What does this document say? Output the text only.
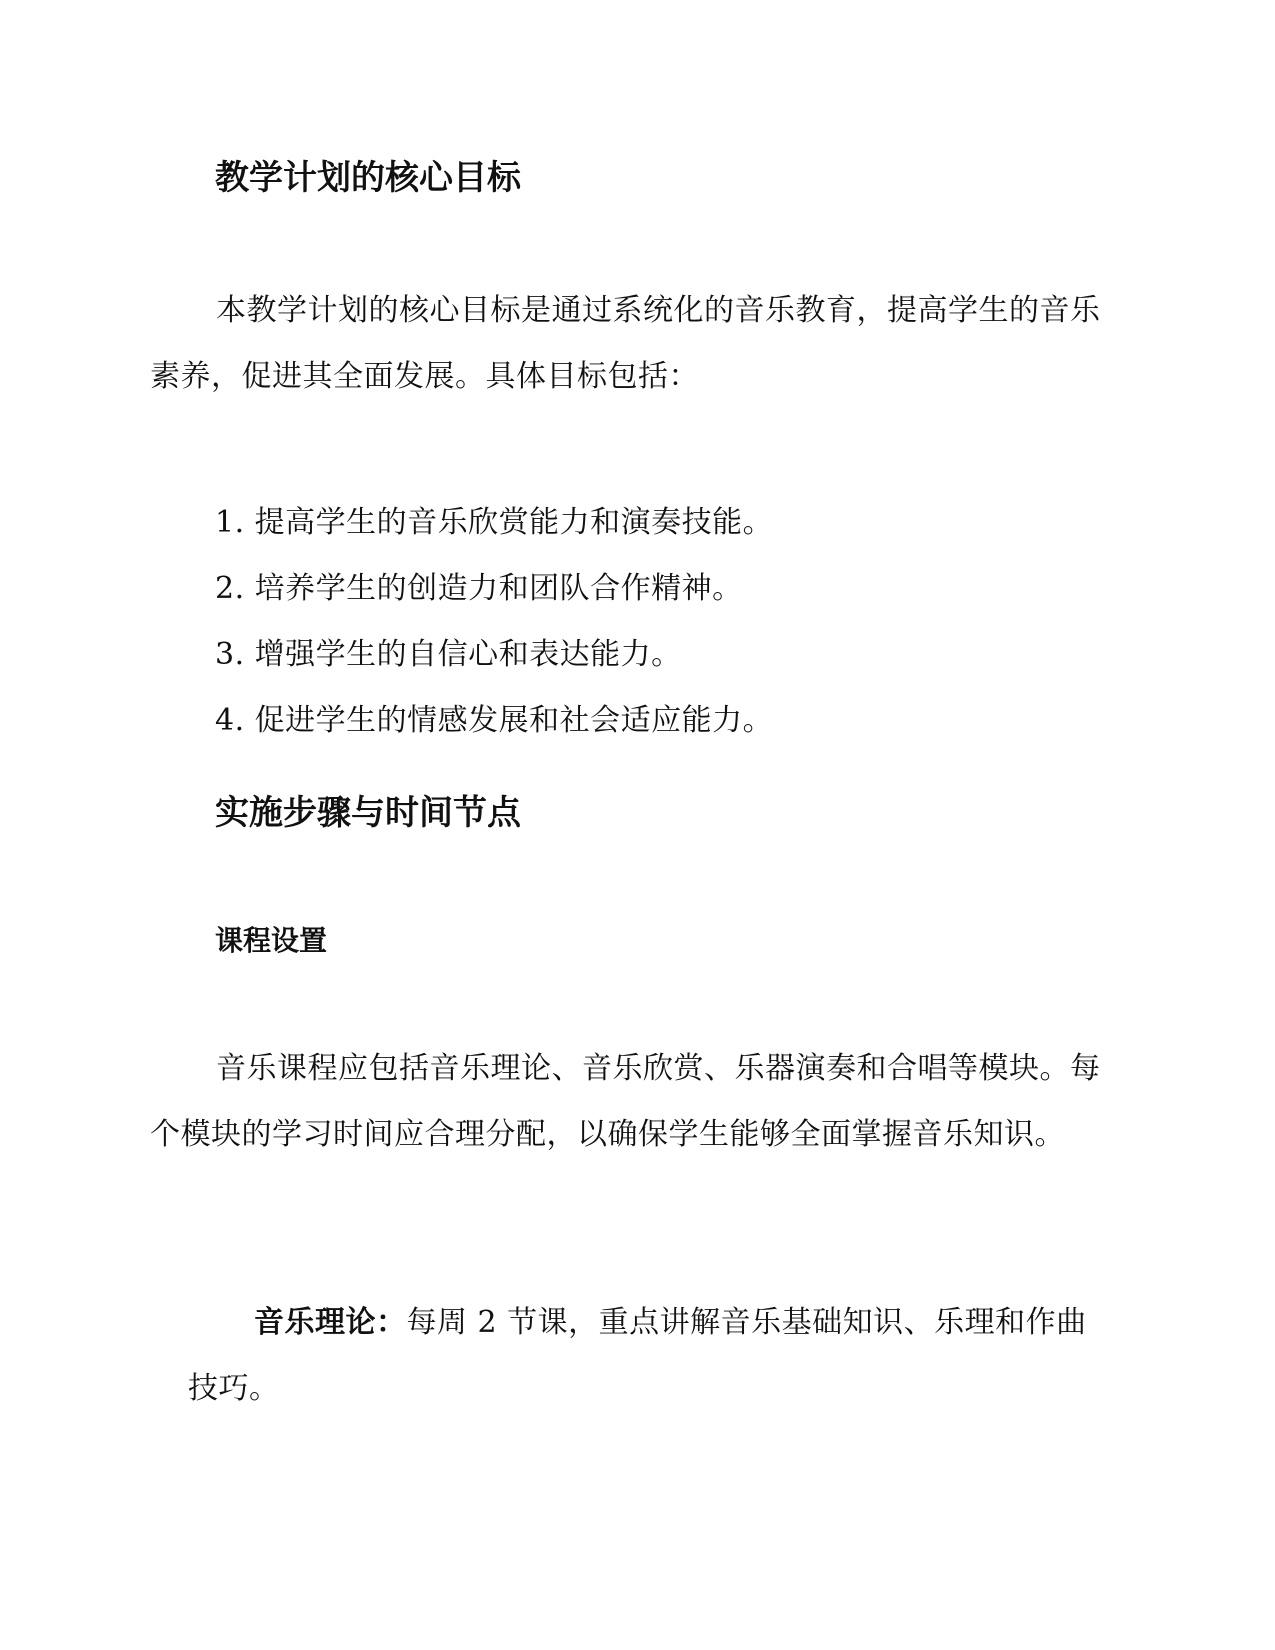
教学计划的核心目标

本教学计划的核心目标是通过系统化的音乐教育，提高学生的音乐素养，促进其全面发展。具体目标包括：

1. 提高学生的音乐欣赏能力和演奏技能。
2. 培养学生的创造力和团队合作精神。
3. 增强学生的自信心和表达能力。
4. 促进学生的情感发展和社会适应能力。
实施步骤与时间节点
课程设置

音乐课程应包括音乐理论、音乐欣赏、乐器演奏和合唱等模块。每个模块的学习时间应合理分配，以确保学生能够全面掌握音乐知识。

音乐理论：每周 2 节课，重点讲解音乐基础知识、乐理和作曲技巧。
